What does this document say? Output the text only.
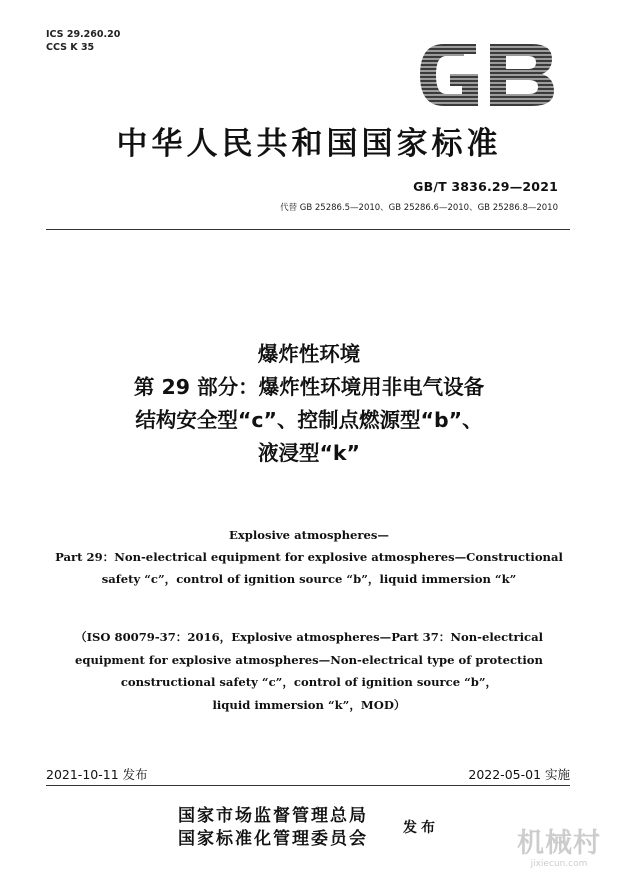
ICS 29.260.20
CCS K 35
中华人民共和国国家标准
GB/T 3836.29—2021
代替 GB 25286.5—2010、GB 25286.6—2010、GB 25286.8—2010
爆炸性环境
第 29 部分：爆炸性环境用非电气设备
结构安全型“c”、控制点燃源型“b”、
液浸型“k”
Explosive atmospheres—
Part 29：Non-electrical equipment for explosive atmospheres—Constructional
safety “c”，control of ignition source “b”，liquid immersion “k”
（ISO 80079-37：2016，Explosive atmospheres—Part 37：Non-electrical
equipment for explosive atmospheres—Non-electrical type of protection
constructional safety “c”，control of ignition source “b”，
liquid immersion “k”，MOD）
2021-10-11 发布	2022-05-01 实施
国家市场监督管理总局
国家标准化管理委员会
发布	机械村
jixiecun.com
